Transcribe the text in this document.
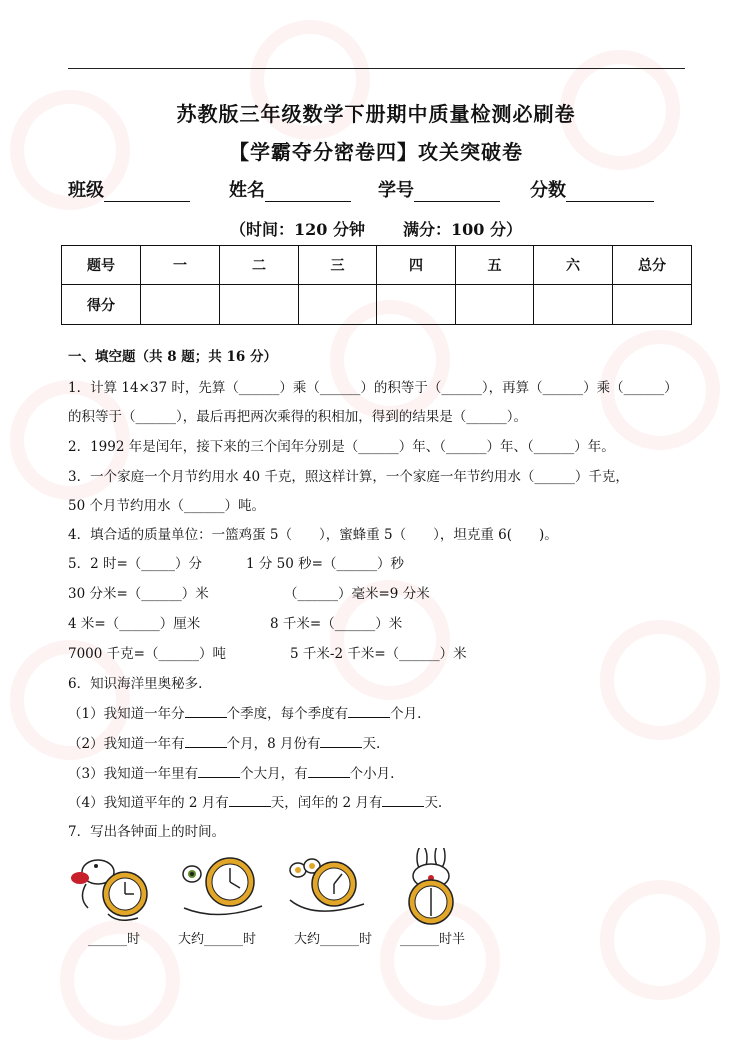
苏教版三年级数学下册期中质量检测必刷卷
【学霸夺分密卷四】攻关突破卷
班级	姓名	学号	分数
（时间：120 分钟 满分：100 分）
题号	一	二	三	四	五	六	总分
得分							
一、填空题（共 8 题；共 16 分）
1．计算 14×37 时，先算（______）乘（______）的积等于（______），再算（______）乘（______）
的积等于（______），最后再把两次乘得的积相加，得到的结果是（______）。
2．1992 年是闰年，接下来的三个闰年分别是（______）年、（______）年、（______）年。
3．一个家庭一个月节约用水 40 千克，照这样计算，一个家庭一年节约用水（______）千克，
50 个月节约用水（______）吨。
4．填合适的质量单位：一篮鸡蛋 5（　　），蜜蜂重 5（　　），坦克重 6(　　)。
5．2 时=（_____）分	1 分 50 秒=（______）秒
30 分米=（______）米	（______）毫米=9 分米
4 米=（______）厘米	8 千米=（______）米
7000 千克=（______）吨	5 千米-2 千米=（______）米
6．知识海洋里奥秘多.
（1）我知道一年分	个季度，每个季度有	个月.
（2）我知道一年有	个月，8 月份有	天.
（3）我知道一年里有	个大月，有	个小月.
（4）我知道平年的 2 月有	天，闰年的 2 月有	天.
7．写出各钟面上的时间。
______时	大约______时	大约______时 ______时半
